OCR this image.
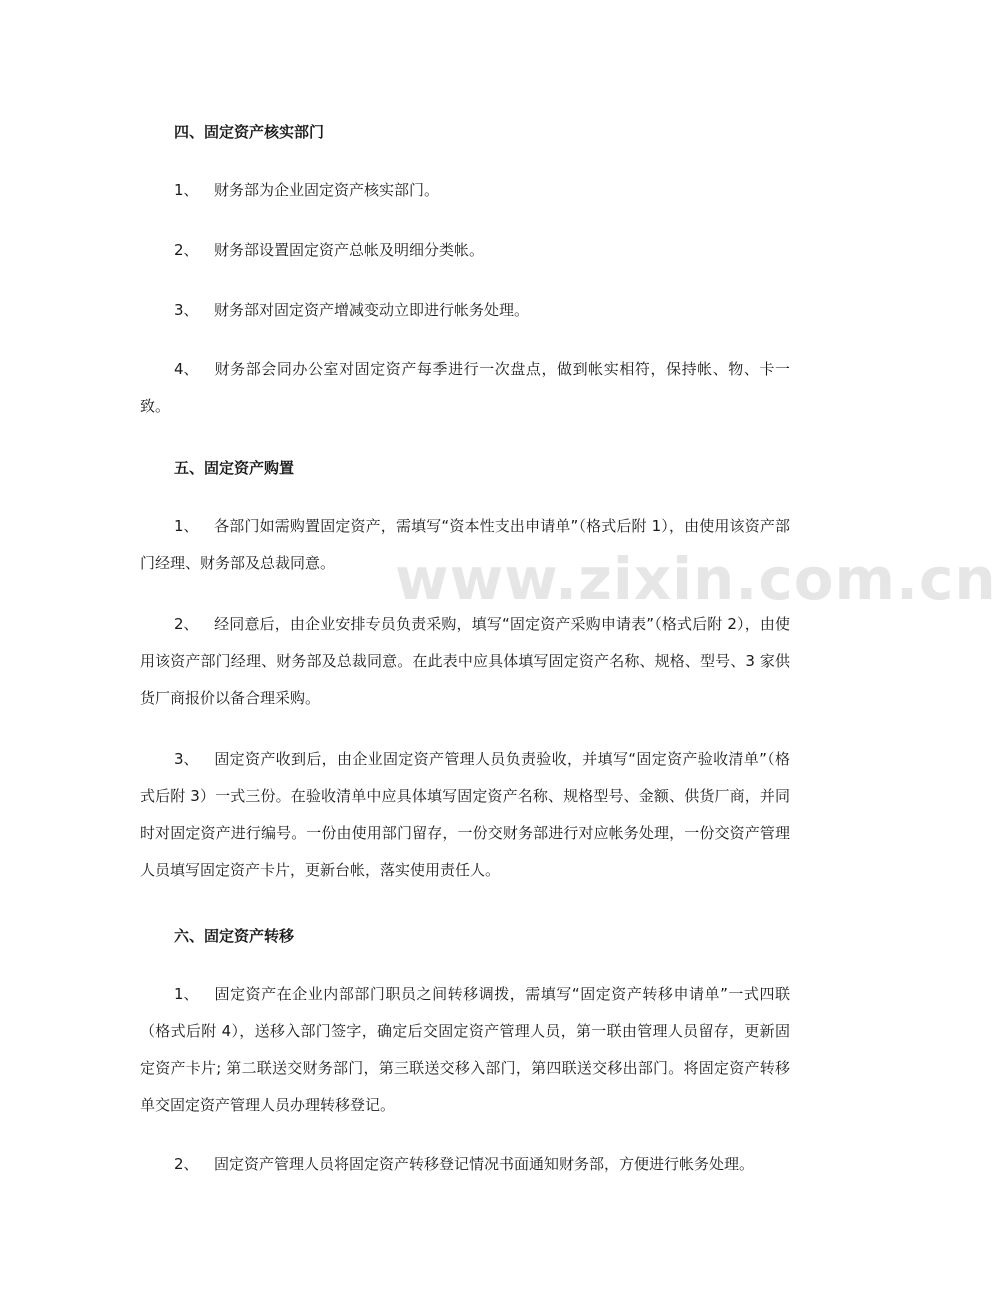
www.zixin.com.cn
四、固定资产核实部门
1、 财务部为企业固定资产核实部门。
2、 财务部设置固定资产总帐及明细分类帐。
3、 财务部对固定资产增减变动立即进行帐务处理。
4、 财务部会同办公室对固定资产每季进行一次盘点，做到帐实相符，保持帐、物、卡一致。
五、固定资产购置
1、 各部门如需购置固定资产，需填写“资本性支出申请单”（格式后附 1），由使用该资产部门经理、财务部及总裁同意。
2、 经同意后，由企业安排专员负责采购，填写“固定资产采购申请表”（格式后附 2），由使用该资产部门经理、财务部及总裁同意。在此表中应具体填写固定资产名称、规格、型号、3 家供货厂商报价以备合理采购。
3、 固定资产收到后，由企业固定资产管理人员负责验收，并填写“固定资产验收清单”（格式后附 3）一式三份。在验收清单中应具体填写固定资产名称、规格型号、金额、供货厂商，并同时对固定资产进行编号。一份由使用部门留存，一份交财务部进行对应帐务处理，一份交资产管理人员填写固定资产卡片，更新台帐，落实使用责任人。
六、固定资产转移
1、 固定资产在企业内部部门职员之间转移调拨，需填写“固定资产转移申请单”一式四联（格式后附 4），送移入部门签字，确定后交固定资产管理人员，第一联由管理人员留存，更新固定资产卡片; 第二联送交财务部门，第三联送交移入部门，第四联送交移出部门。将固定资产转移单交固定资产管理人员办理转移登记。
2、 固定资产管理人员将固定资产转移登记情况书面通知财务部，方便进行帐务处理。
